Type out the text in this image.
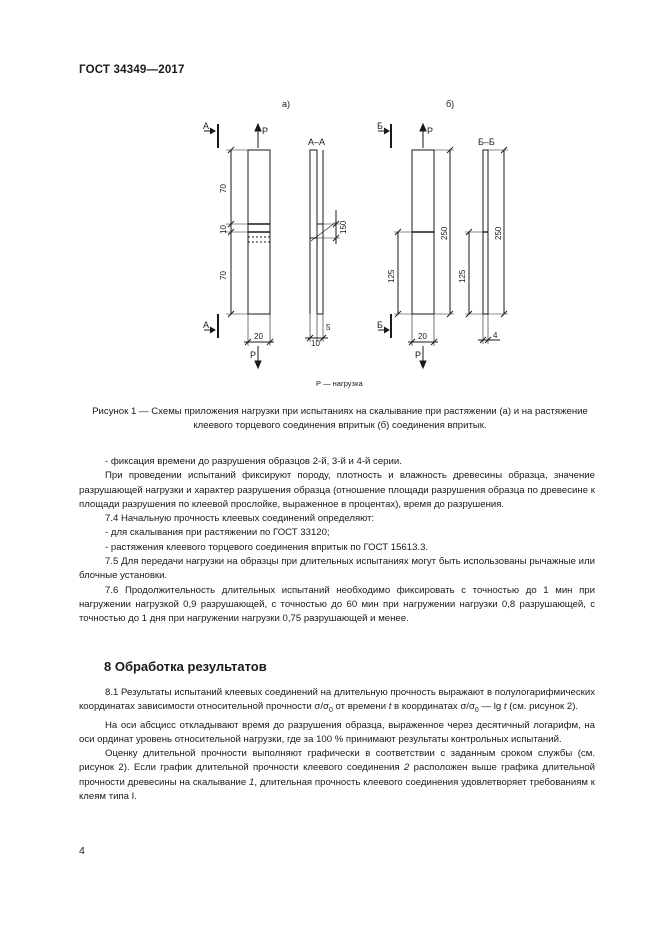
ГОСТ 34349—2017
а)	б)
А
А
Б
Б
Р
Р
Р
Р
А–А	Б–Б
70
10
70
150
20
10
5
125
250
20
125
250
4
Р — нагрузка
Рисунок 1 — Схемы приложения нагрузки при испытаниях на скалывание при растяжении (а) и на растяжение клеевого торцевого соединения впритык (б) соединения впритык.

- фиксация времени до разрушения образцов 2-й, 3-й и 4-й серии.

При проведении испытаний фиксируют породу, плотность и влажность древесины образца, значение разрушающей нагрузки и характер разрушения образца (отношение площади разрушения образца по древесине к площади разрушения по клеевой прослойке, выраженное в процентах), время до разрушения.

7.4 Начальную прочность клеевых соединений определяют:

- для скалывания при растяжении по ГОСТ 33120;

- растяжения клеевого торцевого соединения впритык по ГОСТ 15613.3.

7.5 Для передачи нагрузки на образцы при длительных испытаниях могут быть использованы рычажные или блочные установки.

7.6 Продолжительность длительных испытаний необходимо фиксировать с точностью до 1 мин при нагружении нагрузкой 0,9 разрушающей, с точностью до 60 мин при нагружении нагрузки 0,8 разрушающей, с точностью до 1 дня при нагружении нагрузки 0,75 разрушающей и менее.

8 Обработка результатов

8.1 Результаты испытаний клеевых соединений на длительную прочность выражают в полулогарифмических координатах зависимости относительной прочности $\sigma/\sigma_0$ от времени t в координатах $\sigma/\sigma_0$ — lg t (см. рисунок 2).

На оси абсцисс откладывают время до разрушения образца, выраженное через десятичный логарифм, на оси ординат уровень относительной нагрузки, где за 100 % принимают результаты контрольных испытаний.

Оценку длительной прочности выполняют графически в соответствии с заданным сроком службы (см. рисунок 2). Если график длительной прочности клеевого соединения 2 расположен выше графика длительной прочности древесины на скалывание 1, длительная прочность клеевого соединения удовлетворяет требованиям к клеям типа I.

4
